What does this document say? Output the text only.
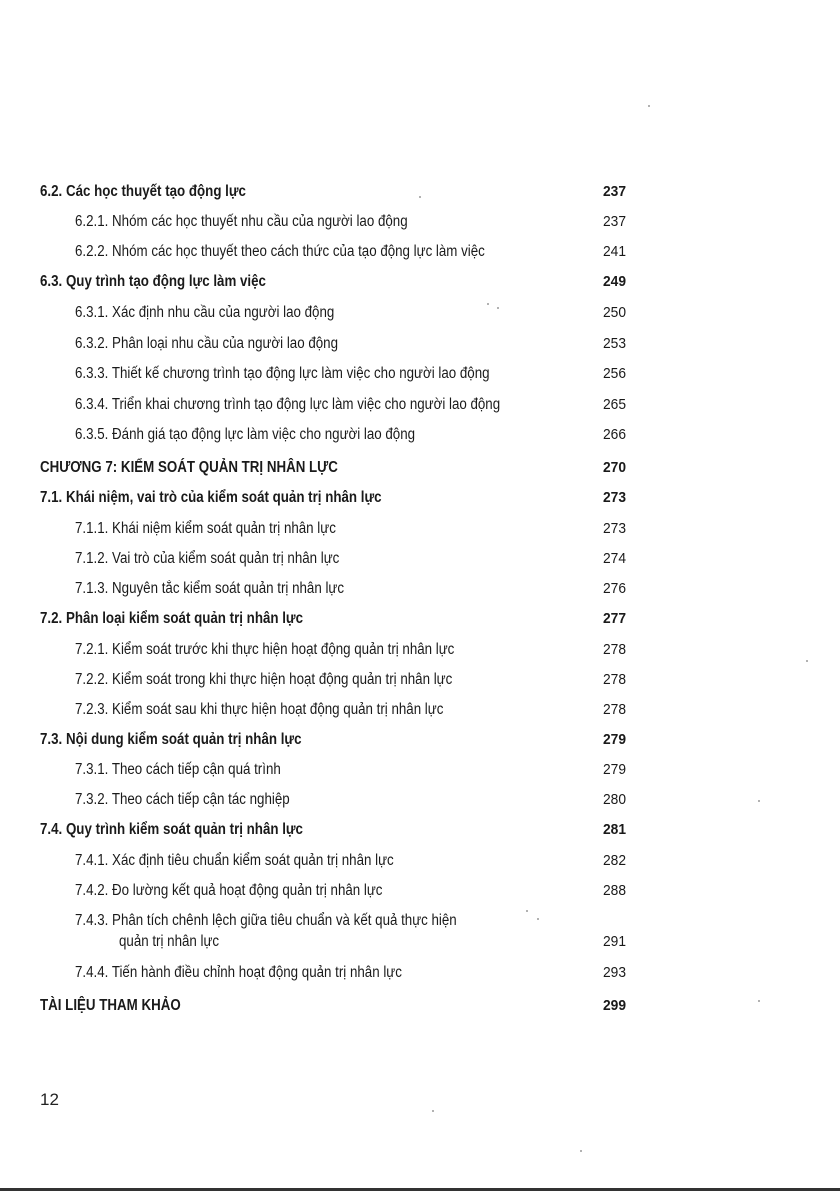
6.2. Các học thuyết tạo động lực	237
6.2.1. Nhóm các học thuyết nhu cầu của người lao động	237
6.2.2. Nhóm các học thuyết theo cách thức của tạo động lực làm việc	241
6.3. Quy trình tạo động lực làm việc	249
6.3.1. Xác định nhu cầu của người lao động	250
6.3.2. Phân loại nhu cầu của người lao động	253
6.3.3. Thiết kế chương trình tạo động lực làm việc cho người lao động	256
6.3.4. Triển khai chương trình tạo động lực làm việc cho người lao động	265
6.3.5. Đánh giá tạo động lực làm việc cho người lao động	266
CHƯƠNG 7: KIỂM SOÁT QUẢN TRỊ NHÂN LỰC	270
7.1. Khái niệm, vai trò của kiểm soát quản trị nhân lực	273
7.1.1. Khái niệm kiểm soát quản trị nhân lực	273
7.1.2. Vai trò của kiểm soát quản trị nhân lực	274
7.1.3. Nguyên tắc kiểm soát quản trị nhân lực	276
7.2. Phân loại kiểm soát quản trị nhân lực	277
7.2.1. Kiểm soát trước khi thực hiện hoạt động quản trị nhân lực	278
7.2.2. Kiểm soát trong khi thực hiện hoạt động quản trị nhân lực	278
7.2.3. Kiểm soát sau khi thực hiện hoạt động quản trị nhân lực	278
7.3. Nội dung kiểm soát quản trị nhân lực	279
7.3.1. Theo cách tiếp cận quá trình	279
7.3.2. Theo cách tiếp cận tác nghiệp	280
7.4. Quy trình kiểm soát quản trị nhân lực	281
7.4.1. Xác định tiêu chuẩn kiểm soát quản trị nhân lực	282
7.4.2. Đo lường kết quả hoạt động quản trị nhân lực	288
7.4.3. Phân tích chênh lệch giữa tiêu chuẩn và kết quả thực hiện
quản trị nhân lực	291
7.4.4. Tiến hành điều chỉnh hoạt động quản trị nhân lực	293
TÀI LIỆU THAM KHẢO	299
12
